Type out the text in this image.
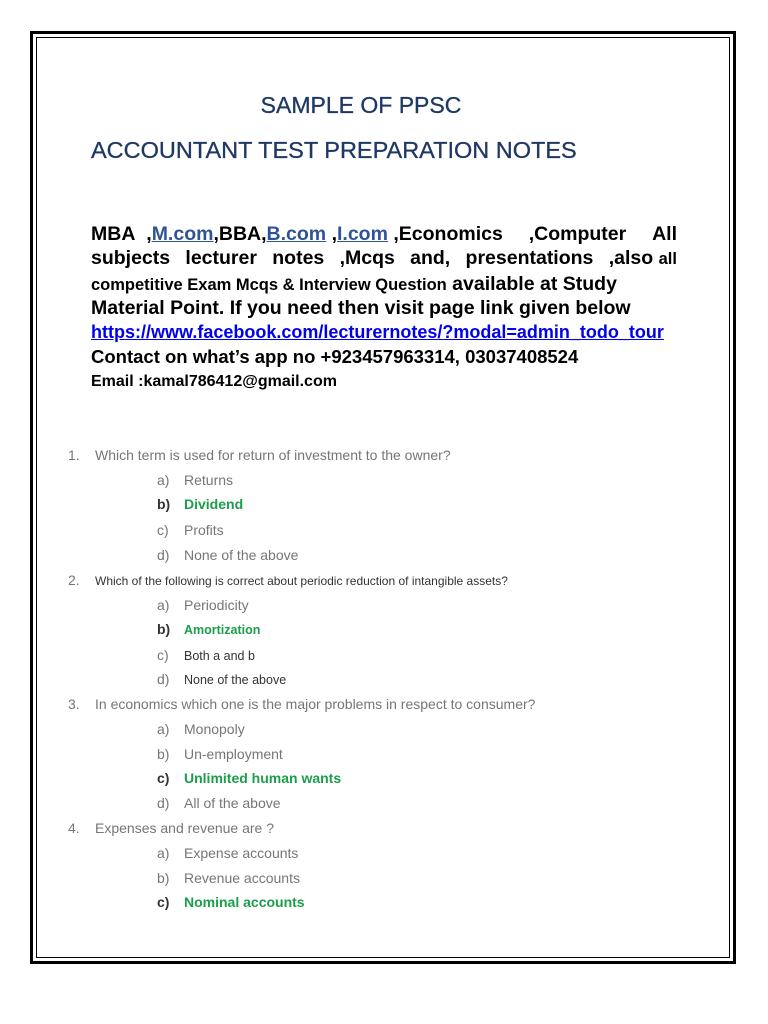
SAMPLE OF PPSC
ACCOUNTANT TEST PREPARATION NOTES
MBA ,M.com,BBA,B.com ,I.com ,Economics ,Computer All
subjects lecturer notes ,Mcqs and, presentations ,also all
competitive Exam Mcqs & Interview Question available at Study
Material Point. If you need then visit page link given below
https://www.facebook.com/lecturernotes/?modal=admin_todo_tour
Contact on what’s app no +923457963314, 03037408524
Email :kamal786412@gmail.com
1. Which term is used for return of investment to the owner?
a) Returns
b) Dividend
c) Profits
d) None of the above
2. Which of the following is correct about periodic reduction of intangible assets?
a) Periodicity
b) Amortization
c) Both a and b
d) None of the above
3. In economics which one is the major problems in respect to consumer?
a) Monopoly
b) Un-employment
c) Unlimited human wants
d) All of the above
4. Expenses and revenue are ?
a) Expense accounts
b) Revenue accounts
c) Nominal accounts
